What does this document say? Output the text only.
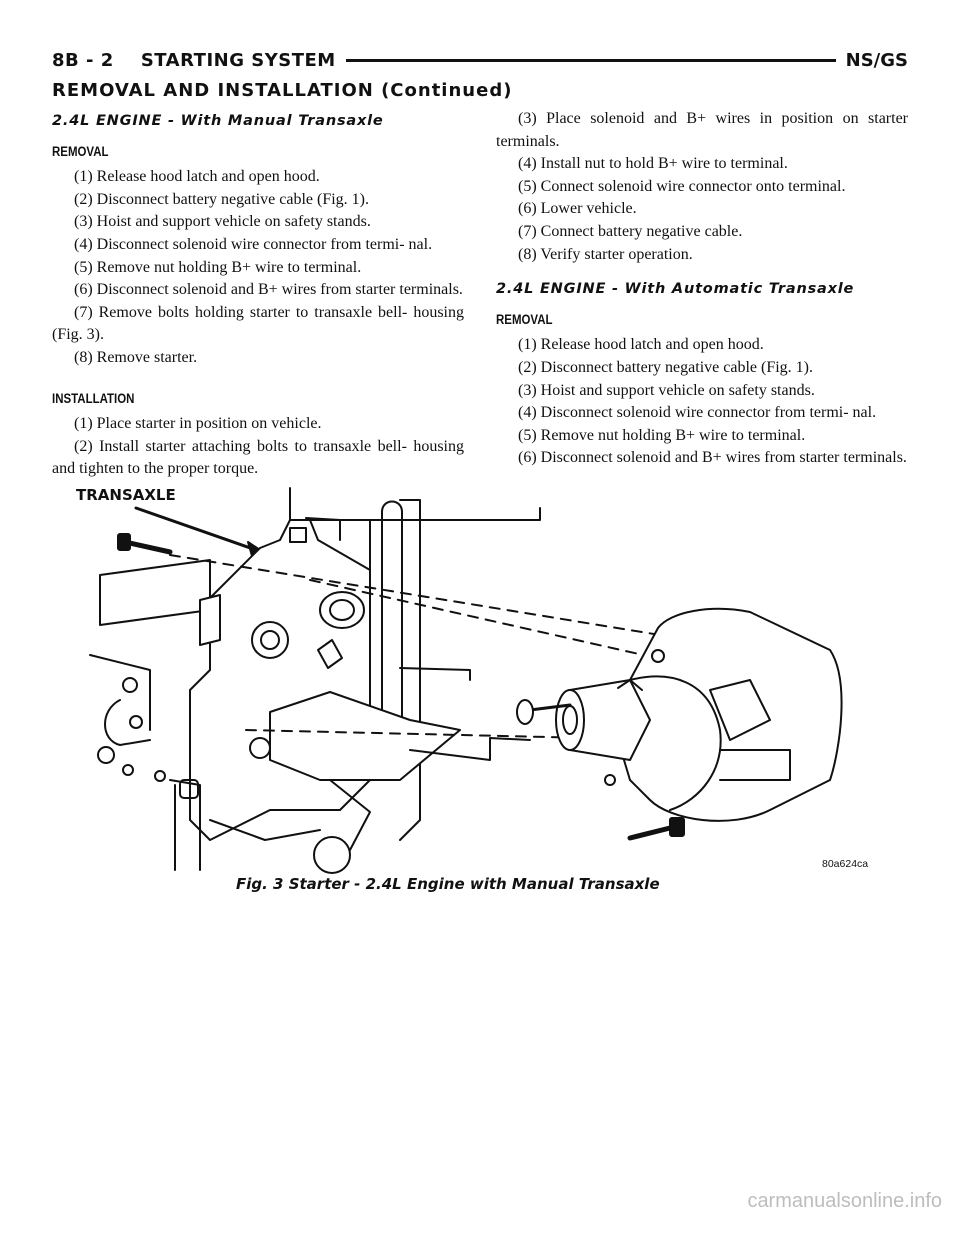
8B - 2    STARTING SYSTEM	NS/GS
REMOVAL AND INSTALLATION (Continued)
2.4L ENGINE - With Manual Transaxle
REMOVAL

(1) Release hood latch and open hood.

(2) Disconnect battery negative cable (Fig. 1).

(3) Hoist and support vehicle on safety stands.

(4) Disconnect solenoid wire connector from termi- nal.

(5) Remove nut holding B+ wire to terminal.

(6) Disconnect solenoid and B+ wires from starter terminals.

(7) Remove bolts holding starter to transaxle bell- housing (Fig. 3).

(8) Remove starter.

INSTALLATION

(1) Place starter in position on vehicle.

(2) Install starter attaching bolts to transaxle bell- housing and tighten to the proper torque.

(3) Place solenoid and B+ wires in position on starter terminals.

(4) Install nut to hold B+ wire to terminal.

(5) Connect solenoid wire connector onto terminal.

(6) Lower vehicle.

(7) Connect battery negative cable.

(8) Verify starter operation.

2.4L ENGINE - With Automatic Transaxle
REMOVAL

(1) Release hood latch and open hood.

(2) Disconnect battery negative cable (Fig. 1).

(3) Hoist and support vehicle on safety stands.

(4) Disconnect solenoid wire connector from termi- nal.

(5) Remove nut holding B+ wire to terminal.

(6) Disconnect solenoid and B+ wires from starter terminals.

TRANSAXLE
80a624ca
Fig. 3 Starter - 2.4L Engine with Manual Transaxle
carmanualsonline.info
